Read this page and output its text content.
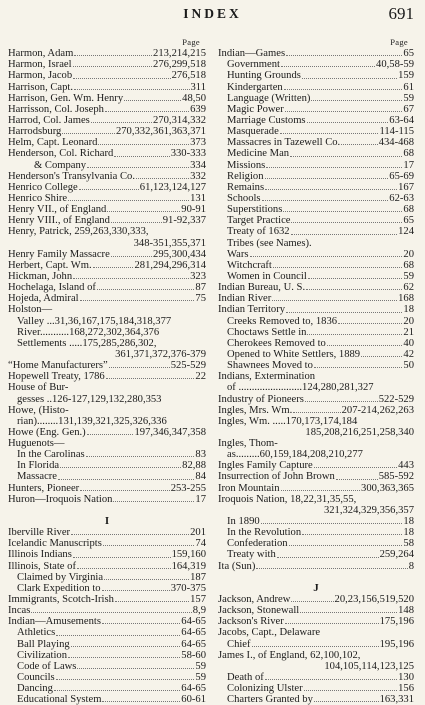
INDEX	691
Page
Harmon, Adam	213,214,215
Harmon, Israel	276,299,518
Harmon, Jacob	276,518
Harrison, Capt.	311
Harrison, Gen. Wm. Henry	48,50
Harrisson, Col. Joseph	639
Harrod, Col. James	270,314,332
Harrodsburg	270,332,361,363,371
Helm, Capt. Leonard	373
Henderson, Col. Richard	330-333
& Company	334
Henderson's Transylvania Co.	332
Henrico College	61,123,124,127
Henrico Shire	131
Henry VII., of England	90-91
Henry VIII., of England	91-92,337
Henry, Patrick, 259,263,330,333,
348-351,355,371
Henry Family Massacre	295,300,434
Herbert, Capt. Wm.	281,294,296,314
Hickman, John	323
Hochelaga, Island of	87
Hojeda, Admiral	75
Holston—
Valley ...31,36,167,175,184,318,377
River...........168,272,302,364,376
Settlements .....175,285,286,302,
361,371,372,376-379
“Home Manufacturers”	525-529
Hopewell Treaty, 1786	22
House of Bur-
gesses ..126-127,129,132,280,353
Howe, (Histo-
rian)........131,139,321,325,326,336
Howe (Eng. Gen.)	197,346,347,358
Huguenots—
In the Carolinas	83
In Florida	82,88
Massacre	84
Hunters, Pioneer	253-255
Huron—Iroquois Nation	17
I
Iberville River	201
Icelandic Manuscripts	74
Illinois Indians	159,160
Illinois, State of	164,319
Claimed by Virginia	187
Clark Expedition to	370-375
Immigrants, Scotch-Irish	157
Incas	8,9
Indian—Amusements	64-65
Athletics	64-65
Ball Playing	64-65
Civilization	58-60
Code of Laws	59
Councils	59
Dancing	64-65
Educational System	60-61
Page
Indian—Games	65
Government	40,58-59
Hunting Grounds	159
Kindergarten	61
Language (Written)	59
Magic Power	67
Marriage Customs	63-64
Masquerade	114-115
Massacres in Tazewell Co.	434-468
Medicine Man	68
Missions	17
Religion	65-69
Remains	167
Schools	62-63
Superstitions	68
Target Practice	65
Treaty of 1632	124
Tribes (see Names).
Wars	20
Witchcraft	68
Women in Council	59
Indian Bureau, U. S.	62
Indian River	168
Indian Territory	18
Creeks Removed to, 1836	20
Choctaws Settle in	21
Cherokees Removed to	40
Opened to White Settlers, 1889	42
Shawnees Moved to	50
Indians, Extermination
of ........................124,280,281,327
Industry of Pioneers	522-529
Ingles, Mrs. Wm.	207-214,262,263
Ingles, Wm. .....170,173,174,184
185,208,216,251,258,340
Ingles, Thom-
as.........60,159,184,208,210,277
Ingles Family Capture	443
Insurrection of John Brown	585-592
Iron Mountain	300,363,365
Iroquois Nation, 18,22,31,35,55,
321,324,329,356,357
In 1890	18
In the Revolution	18
Confederation	58
Treaty with	259,264
Ita (Sun)	8
J
Jackson, Andrew	20,23,156,519,520
Jackson, Stonewall	148
Jackson's River	175,196
Jacobs, Capt., Delaware
Chief	195,196
James I., of England, 62,100,102,
104,105,114,123,125
Death of	130
Colonizing Ulster	156
Charters Granted by	163,331
